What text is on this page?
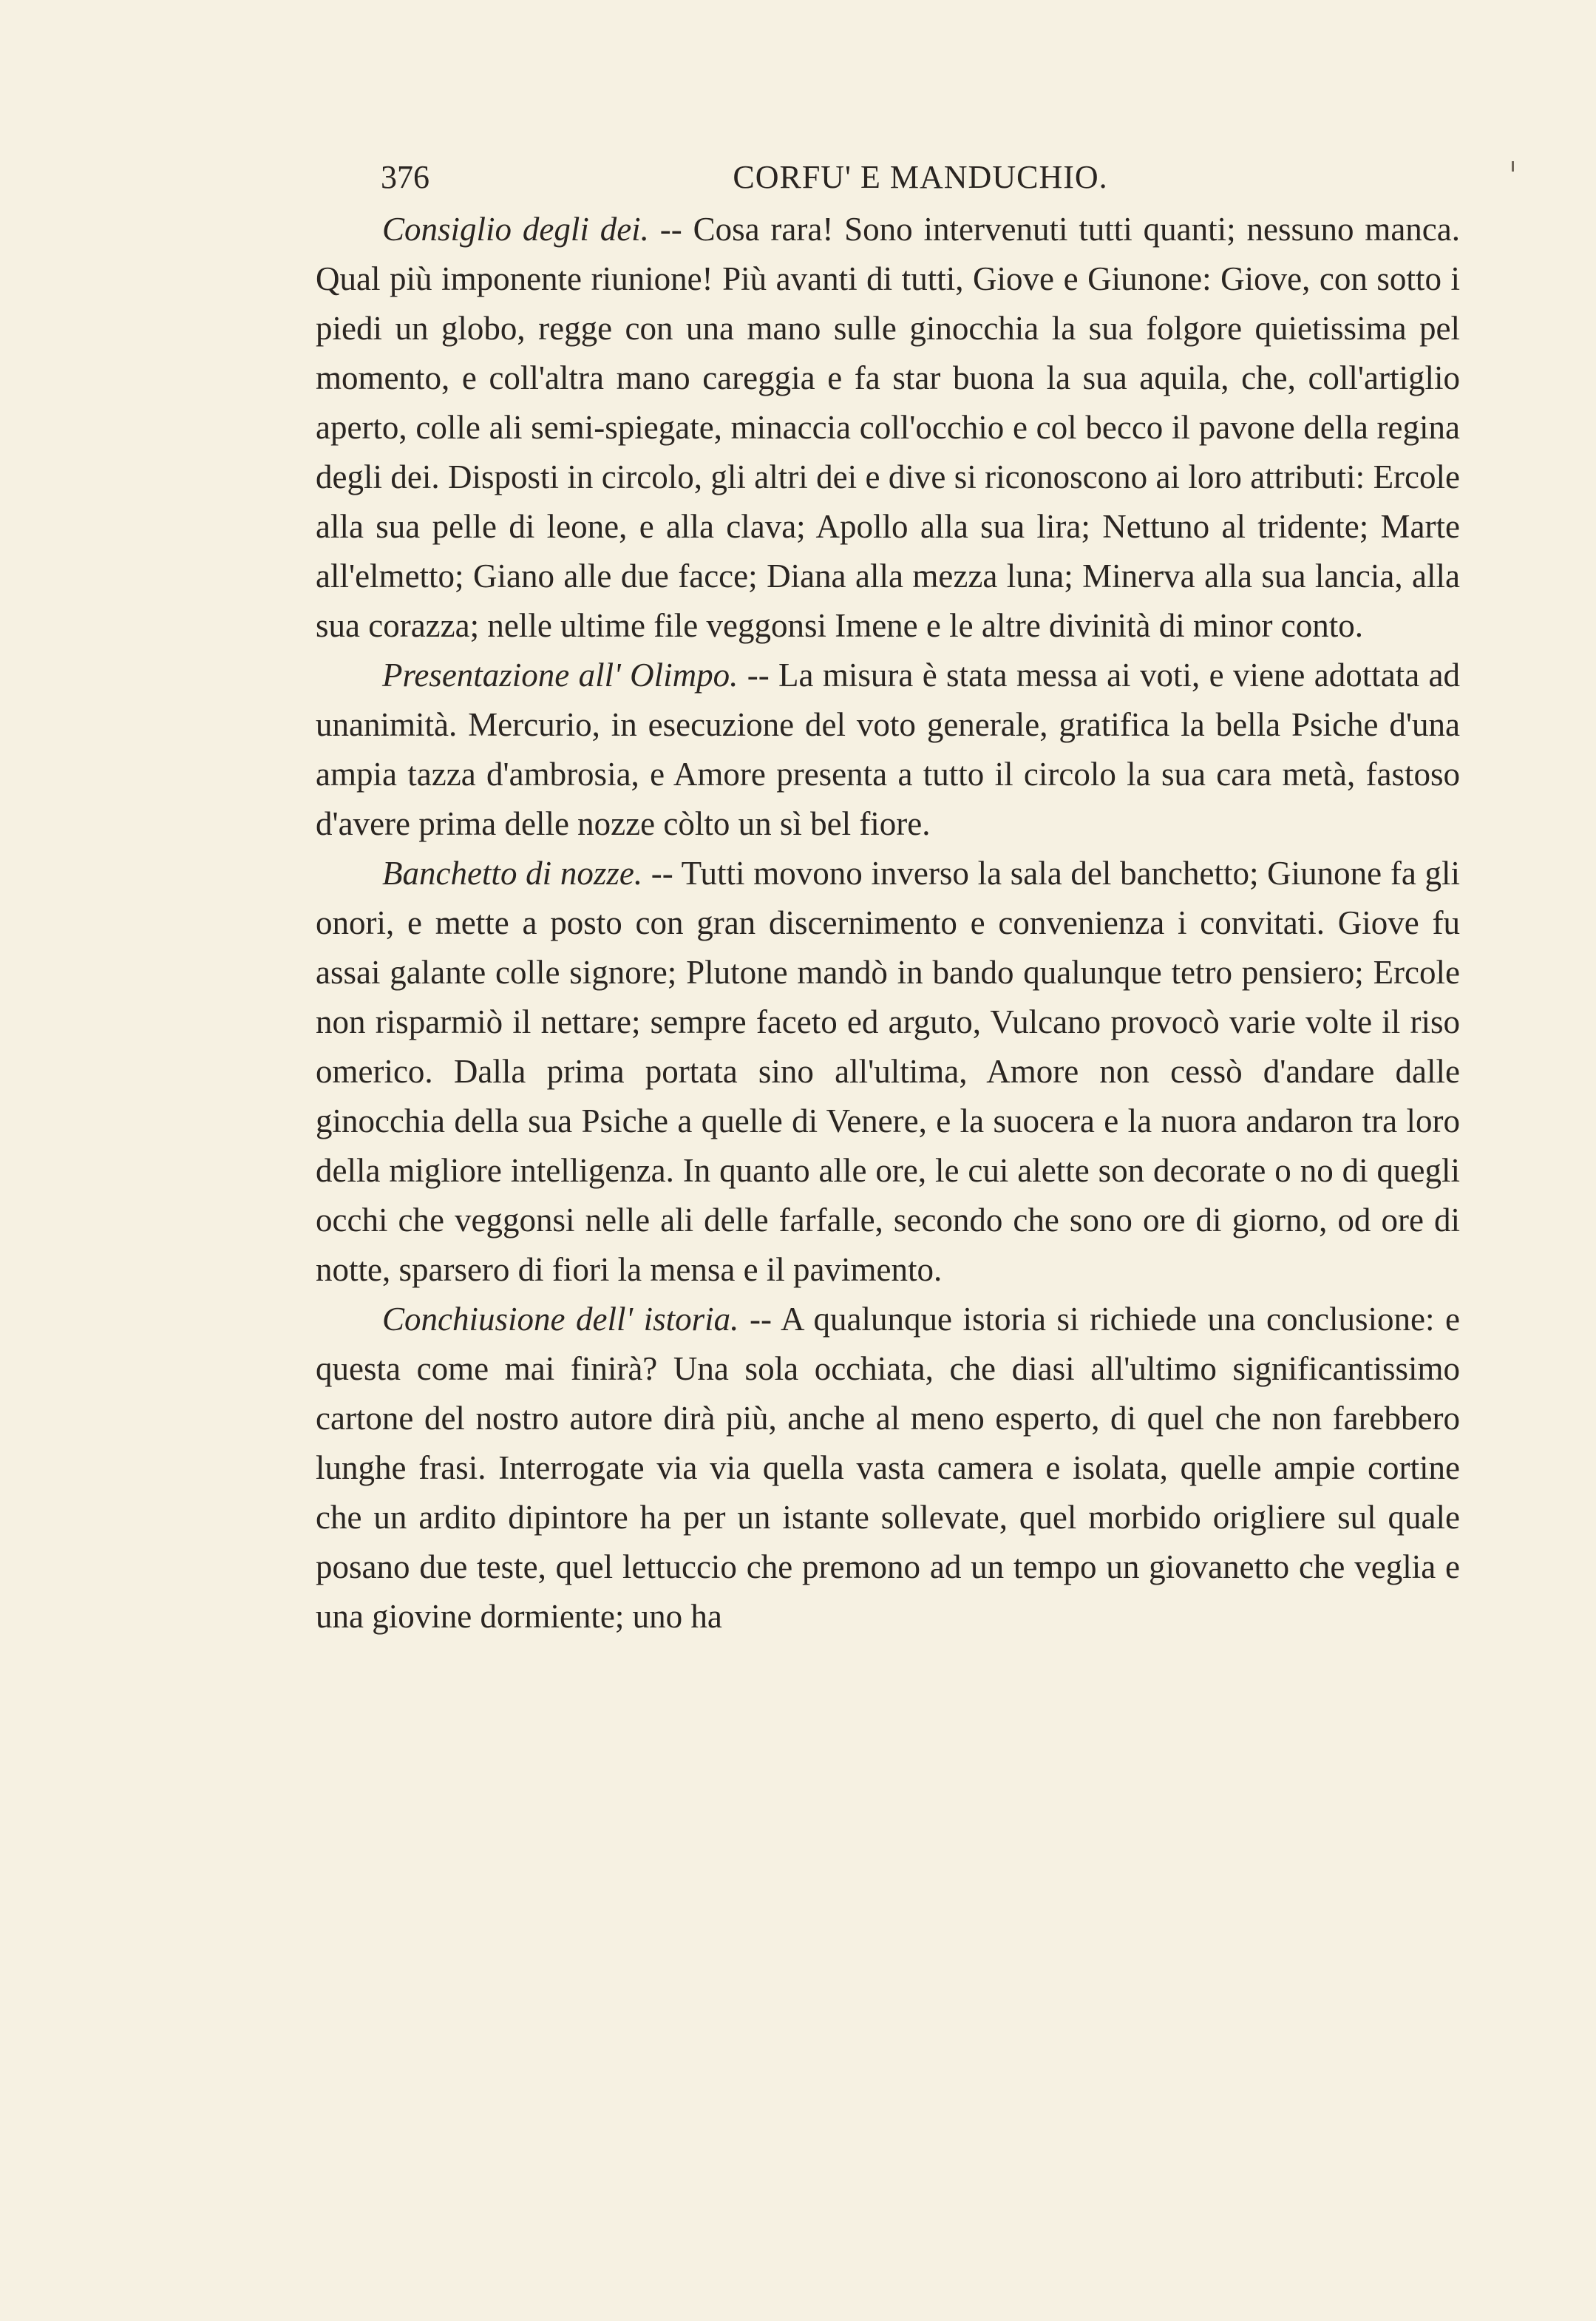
376	CORFU' E MANDUCHIO.

Consiglio degli dei. -- Cosa rara! Sono intervenuti tutti quanti; nessuno manca. Qual più imponente riunione! Più avanti di tutti, Giove e Giunone: Giove, con sotto i piedi un globo, regge con una mano sulle ginocchia la sua folgore quietissima pel momento, e coll'altra mano careggia e fa star buona la sua aquila, che, coll'artiglio aperto, colle ali semi-spiegate, minaccia coll'occhio e col becco il pavone della regina degli dei. Disposti in circolo, gli altri dei e dive si riconoscono ai loro attributi: Ercole alla sua pelle di leone, e alla clava; Apollo alla sua lira; Nettuno al tridente; Marte all'elmetto; Giano alle due facce; Diana alla mezza luna; Minerva alla sua lancia, alla sua corazza; nelle ultime file veggonsi Imene e le altre divinità di minor conto.

Presentazione all' Olimpo. -- La misura è stata messa ai voti, e viene adottata ad unanimità. Mercurio, in esecuzione del voto generale, gratifica la bella Psiche d'una ampia tazza d'ambrosia, e Amore presenta a tutto il circolo la sua cara metà, fastoso d'avere prima delle nozze còlto un sì bel fiore.

Banchetto di nozze. -- Tutti movono inverso la sala del banchetto; Giunone fa gli onori, e mette a posto con gran discernimento e convenienza i convitati. Giove fu assai galante colle signore; Plutone mandò in bando qualunque tetro pensiero; Ercole non risparmiò il nettare; sempre faceto ed arguto, Vulcano provocò varie volte il riso omerico. Dalla prima portata sino all'ultima, Amore non cessò d'andare dalle ginocchia della sua Psiche a quelle di Venere, e la suocera e la nuora andaron tra loro della migliore intelligenza. In quanto alle ore, le cui alette son decorate o no di quegli occhi che veggonsi nelle ali delle farfalle, secondo che sono ore di giorno, od ore di notte, sparsero di fiori la mensa e il pavimento.

Conchiusione dell' istoria. -- A qualunque istoria si richiede una conclusione: e questa come mai finirà? Una sola occhiata, che diasi all'ultimo significantissimo cartone del nostro autore dirà più, anche al meno esperto, di quel che non farebbero lunghe frasi. Interrogate via via quella vasta camera e isolata, quelle ampie cortine che un ardito dipintore ha per un istante sollevate, quel morbido origliere sul quale posano due teste, quel lettuccio che premono ad un tempo un giovanetto che veglia e una giovine dormiente; uno ha
